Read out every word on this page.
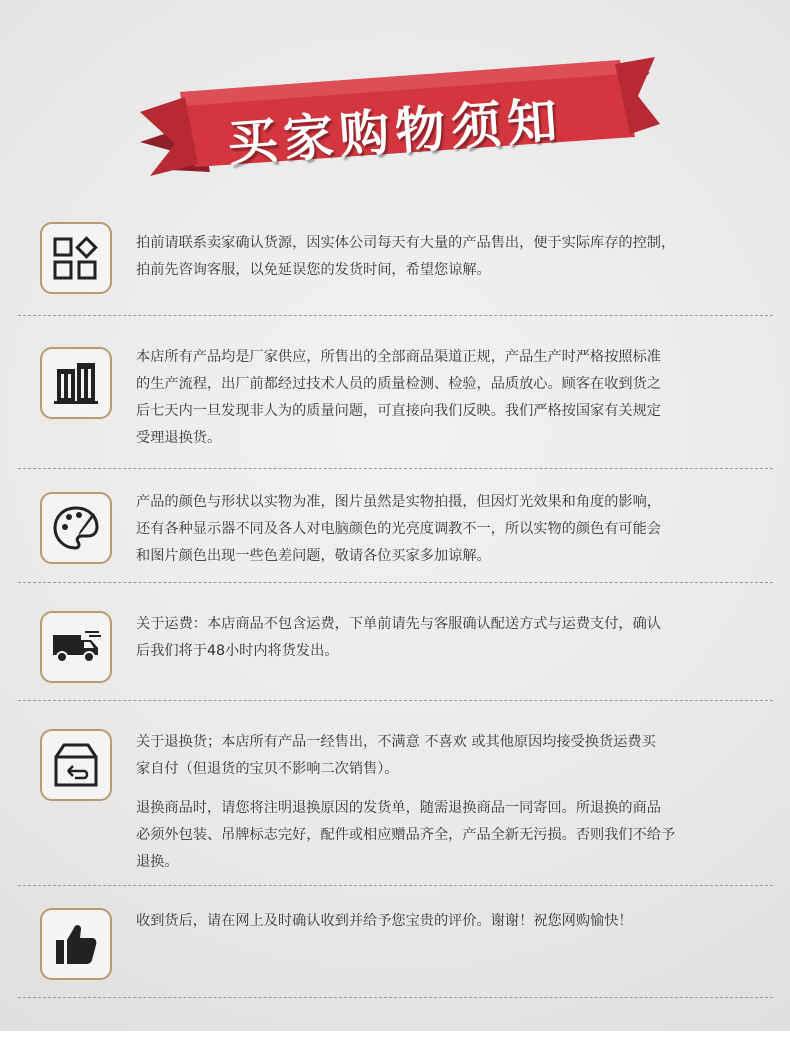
买家购物须知
拍前请联系卖家确认货源，因实体公司每天有大量的产品售出，便于实际库存的控制，
拍前先咨询客服，以免延误您的发货时间，希望您谅解。
本店所有产品均是厂家供应，所售出的全部商品渠道正规，产品生产时严格按照标准
的生产流程，出厂前都经过技术人员的质量检测、检验，品质放心。顾客在收到货之
后七天内一旦发现非人为的质量问题，可直接向我们反映。我们严格按国家有关规定
受理退换货。
产品的颜色与形状以实物为准，图片虽然是实物拍摄，但因灯光效果和角度的影响，
还有各种显示器不同及各人对电脑颜色的光亮度调教不一，所以实物的颜色有可能会
和图片颜色出现一些色差问题，敬请各位买家多加谅解。
关于运费：本店商品不包含运费，下单前请先与客服确认配送方式与运费支付，确认
后我们将于48小时内将货发出。
关于退换货；本店所有产品一经售出，不满意 不喜欢 或其他原因均接受换货运费买
家自付（但退货的宝贝不影响二次销售）。
退换商品时，请您将注明退换原因的发货单，随需退换商品一同寄回。所退换的商品
必须外包装、吊牌标志完好，配件或相应赠品齐全，产品全新无污损。否则我们不给予
退换。
收到货后，请在网上及时确认收到并给予您宝贵的评价。谢谢！祝您网购愉快！
